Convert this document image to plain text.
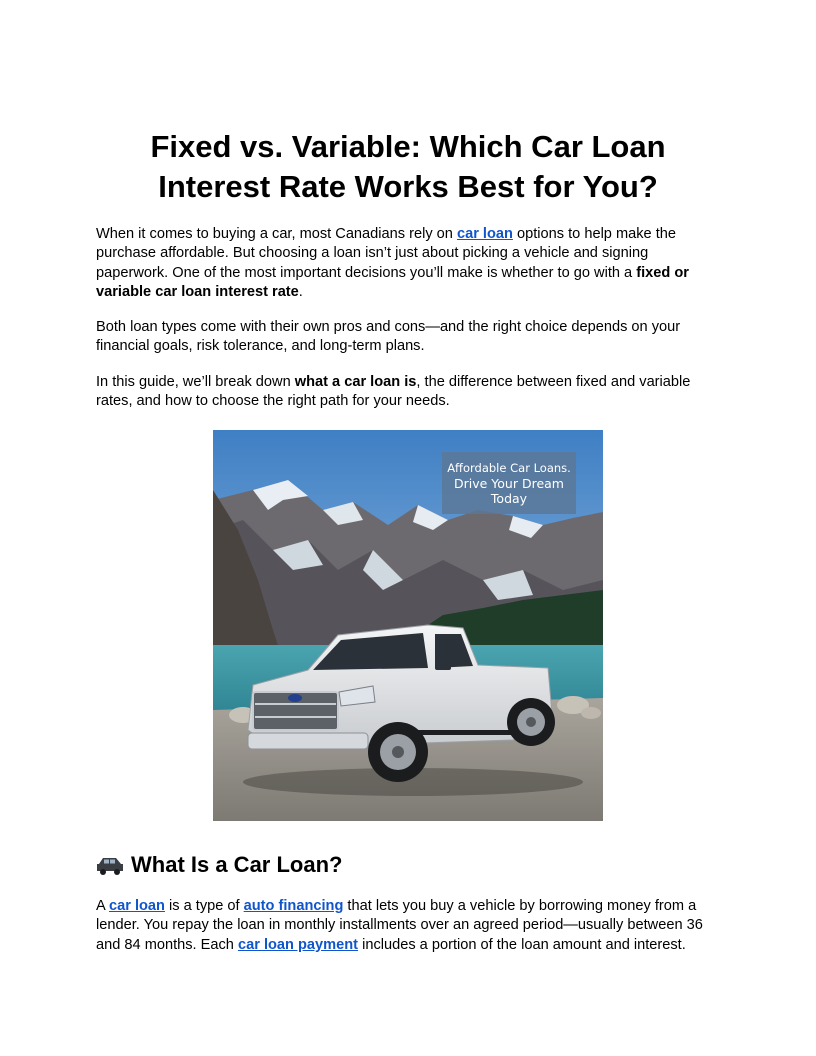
Fixed vs. Variable: Which Car Loan
Interest Rate Works Best for You?

When it comes to buying a car, most Canadians rely on car loan options to help make the purchase affordable. But choosing a loan isn’t just about picking a vehicle and signing paperwork. One of the most important decisions you’ll make is whether to go with a fixed or variable car loan interest rate.

Both loan types come with their own pros and cons—and the right choice depends on your financial goals, risk tolerance, and long-term plans.

In this guide, we’ll break down what a car loan is, the difference between fixed and variable rates, and how to choose the right path for your needs.

Affordable Car Loans.
Drive Your Dream
Today
What Is a Car Loan?

A car loan is a type of auto financing that lets you buy a vehicle by borrowing money from a lender. You repay the loan in monthly installments over an agreed period—usually between 36 and 84 months. Each car loan payment includes a portion of the loan amount and interest.
